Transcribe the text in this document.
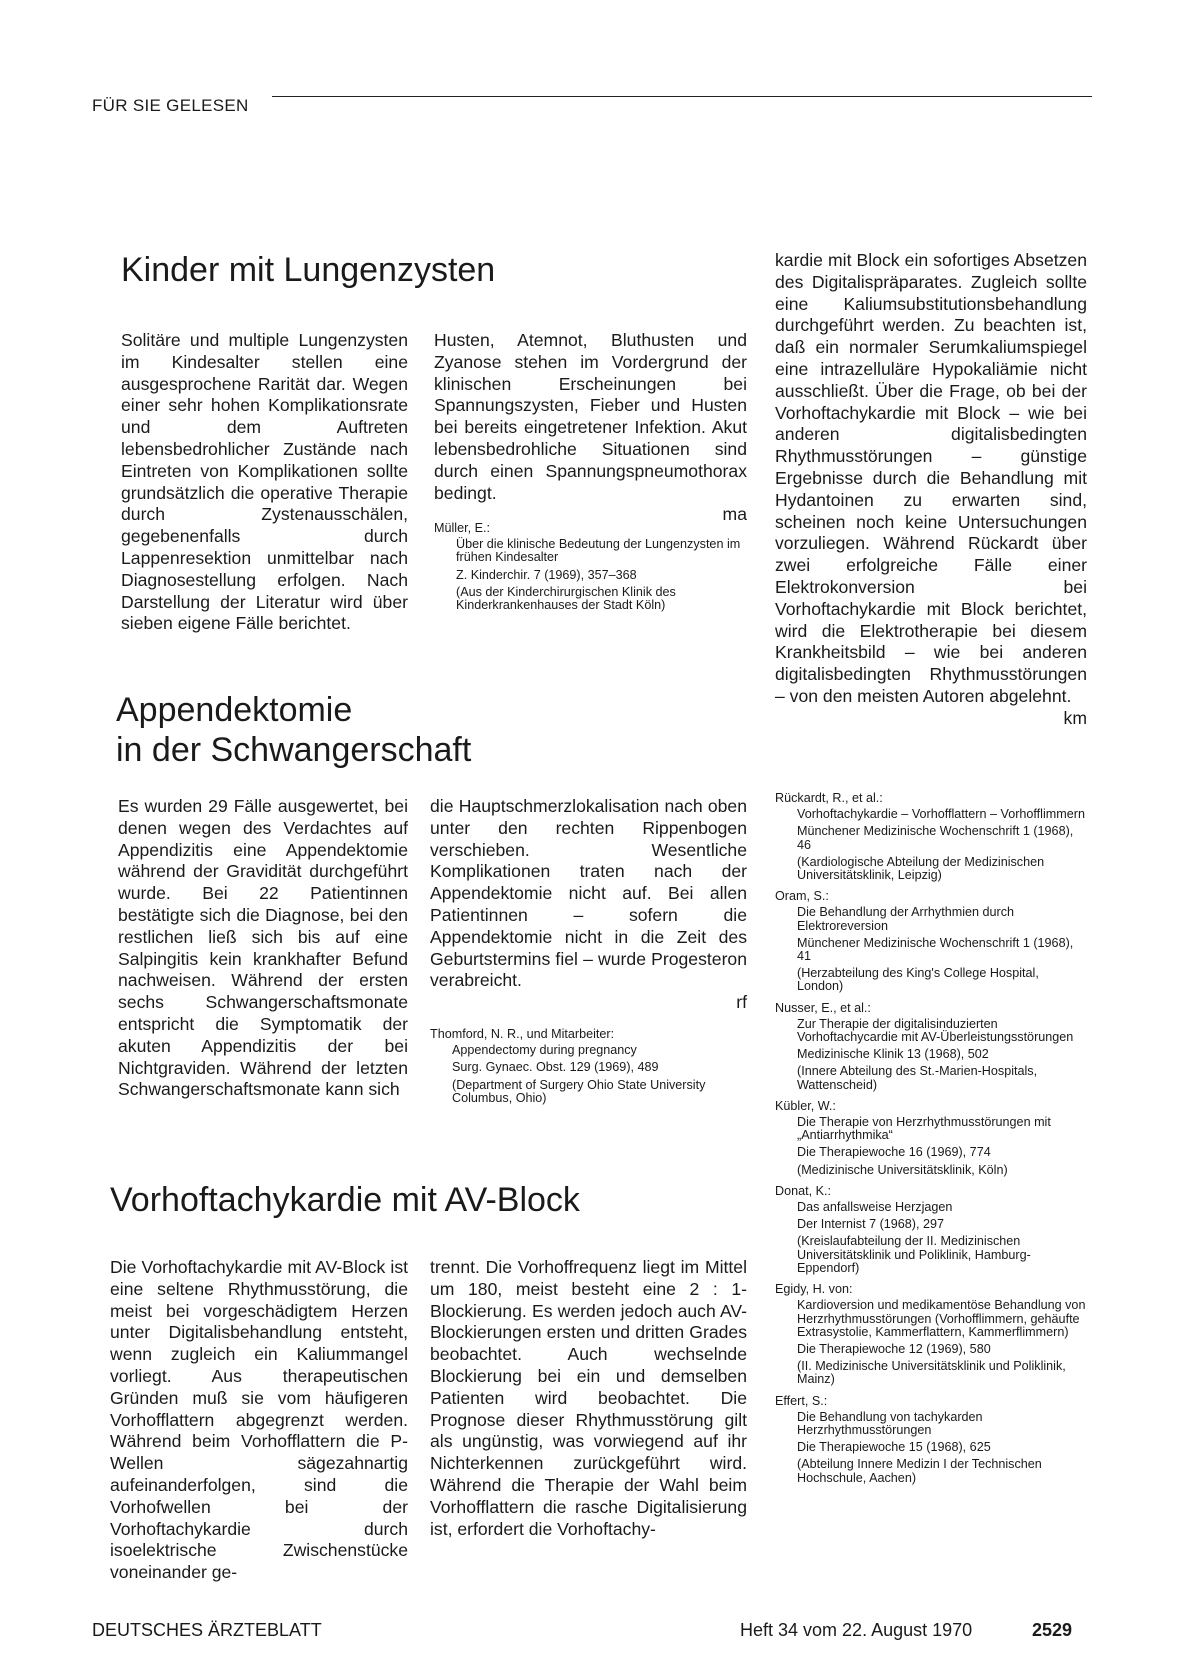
FÜR SIE GELESEN
Kinder mit Lungenzysten

Solitäre und multiple Lungenzysten im Kindesalter stellen eine ausgesprochene Rarität dar. Wegen einer sehr hohen Komplikationsrate und dem Auftreten lebensbedrohlicher Zustände nach Eintreten von Komplikationen sollte grundsätzlich die operative Therapie durch Zystenausschälen, gegebenenfalls durch Lappenresektion unmittelbar nach Diagnosestellung erfolgen. Nach Darstellung der Literatur wird über sieben eigene Fälle berichtet.

Husten, Atemnot, Bluthusten und Zyanose stehen im Vordergrund der klinischen Erscheinungen bei Spannungszysten, Fieber und Husten bei bereits eingetretener Infektion. Akut lebensbedrohliche Situationen sind durch einen Spannungspneumothorax bedingt.
ma

Müller, E.:
Über die klinische Bedeutung der Lungenzysten im frühen Kindesalter
Z. Kinderchir. 7 (1969), 357–368
(Aus der Kinderchirurgischen Klinik des Kinderkrankenhauses der Stadt Köln)
Appendektomie
in der Schwangerschaft

Es wurden 29 Fälle ausgewertet, bei denen wegen des Verdachtes auf Appendizitis eine Appendektomie während der Gravidität durchgeführt wurde. Bei 22 Patientinnen bestätigte sich die Diagnose, bei den restlichen ließ sich bis auf eine Salpingitis kein krankhafter Befund nachweisen. Während der ersten sechs Schwangerschaftsmonate entspricht die Symptomatik der akuten Appendizitis der bei Nichtgraviden. Während der letzten Schwangerschaftsmonate kann sich

die Hauptschmerzlokalisation nach oben unter den rechten Rippenbogen verschieben. Wesentliche Komplikationen traten nach der Appendektomie nicht auf. Bei allen Patientinnen – sofern die Appendektomie nicht in die Zeit des Geburtstermins fiel – wurde Progesteron verabreicht.
rf

Thomford, N. R., und Mitarbeiter:
Appendectomy during pregnancy
Surg. Gynaec. Obst. 129 (1969), 489
(Department of Surgery Ohio State University Columbus, Ohio)
Vorhoftachykardie mit AV-Block

Die Vorhoftachykardie mit AV-Block ist eine seltene Rhythmusstörung, die meist bei vorgeschädigtem Herzen unter Digitalisbehandlung entsteht, wenn zugleich ein Kaliummangel vorliegt. Aus therapeutischen Gründen muß sie vom häufigeren Vorhofflattern abgegrenzt werden. Während beim Vorhofflattern die P-Wellen sägezahnartig aufeinanderfolgen, sind die Vorhofwellen bei der Vorhoftachykardie durch isoelektrische Zwischenstücke voneinander ge-

trennt. Die Vorhoffrequenz liegt im Mittel um 180, meist besteht eine 2 : 1-Blockierung. Es werden jedoch auch AV-Blockierungen ersten und dritten Grades beobachtet. Auch wechselnde Blockierung bei ein und demselben Patienten wird beobachtet. Die Prognose dieser Rhythmusstörung gilt als ungünstig, was vorwiegend auf ihr Nichterkennen zurückgeführt wird. Während die Therapie der Wahl beim Vorhofflattern die rasche Digitalisierung ist, erfordert die Vorhoftachy-

kardie mit Block ein sofortiges Absetzen des Digitalispräparates. Zugleich sollte eine Kaliumsubstitutionsbehandlung durchgeführt werden. Zu beachten ist, daß ein normaler Serumkaliumspiegel eine intrazelluläre Hypokaliämie nicht ausschließt. Über die Frage, ob bei der Vorhoftachykardie mit Block – wie bei anderen digitalisbedingten Rhythmusstörungen – günstige Ergebnisse durch die Behandlung mit Hydantoinen zu erwarten sind, scheinen noch keine Untersuchungen vorzuliegen. Während Rückardt über zwei erfolgreiche Fälle einer Elektrokonversion bei Vorhoftachykardie mit Block berichtet, wird die Elektrotherapie bei diesem Krankheitsbild – wie bei anderen digitalisbedingten Rhythmusstörungen – von den meisten Autoren abgelehnt.
km

Rückardt, R., et al.:
Vorhoftachykardie – Vorhofflattern – Vorhofflimmern
Münchener Medizinische Wochenschrift 1 (1968), 46
(Kardiologische Abteilung der Medizinischen Universitätsklinik, Leipzig)
Oram, S.:
Die Behandlung der Arrhythmien durch Elektroreversion
Münchener Medizinische Wochenschrift 1 (1968), 41
(Herzabteilung des King's College Hospital, London)
Nusser, E., et al.:
Zur Therapie der digitalisinduzierten Vorhoftachycardie mit AV-Überleistungsstörungen
Medizinische Klinik 13 (1968), 502
(Innere Abteilung des St.-Marien-Hospitals, Wattenscheid)
Kübler, W.:
Die Therapie von Herzrhythmusstörungen mit „Antiarrhythmika“
Die Therapiewoche 16 (1969), 774
(Medizinische Universitätsklinik, Köln)
Donat, K.:
Das anfallsweise Herzjagen
Der Internist 7 (1968), 297
(Kreislaufabteilung der II. Medizinischen Universitätsklinik und Poliklinik, Hamburg-Eppendorf)
Egidy, H. von:
Kardioversion und medikamentöse Behandlung von Herzrhythmusstörungen (Vorhofflimmern, gehäufte Extrasystolie, Kammerflattern, Kammerflimmern)
Die Therapiewoche 12 (1969), 580
(II. Medizinische Universitätsklinik und Poliklinik, Mainz)
Effert, S.:
Die Behandlung von tachykarden Herzrhythmusstörungen
Die Therapiewoche 15 (1968), 625
(Abteilung Innere Medizin I der Technischen Hochschule, Aachen)
DEUTSCHES ÄRZTEBLATT	Heft 34 vom 22. August 1970	2529
